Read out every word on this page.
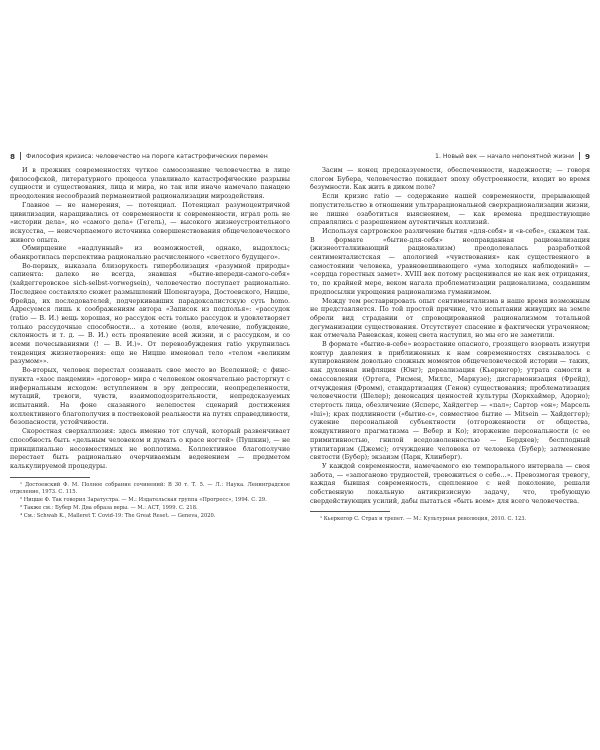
8 Философия кризиса: человечество на пороге катастрофических перемен

И в прежних современностях чуткое самосознание человечества в лице философской, литературного процесса улавливало катастрофические разрывы сущности и существования, лица и мира, но так или иначе намечало панацею преодоления несообразий перманентной рационализации мироздействия.

Главное — не намерения, — потенциал. Потенциал разумоцентричной цивилизации, наращивались от современности к современности, играл роль не «истории дела», но «самого дела» (Гегель), — высокого жизнеустроительного искусства, — неисчерпаемого источника совершенствования общечеловеческого живого опыта.

Обмирщение «надлунный» из возможностей, однако, выдохлось; обанкротилась перспектива рационально расчисленного «светлого будущего».

Во-первых, выказала близорукость гиперболизация «разумной природы» сапиента: далеко не всегда, знавшая «бытие-впереди-самого-себя» (хайдеггеровское sich-selbst-vorwegsein), человечество поступает рационально. Последнее составляло сюжет размышлений Шопенгауэра, Достоевского, Ницше, Фрейда, их последователей, подчеркивавших парадоксалистскую суть homo. Адресуемся лишь к соображениям автора «Записок из подполья»: «рассудок (ratio — В. И.) вещь хорошая, но рассудок есть только рассудок и удовлетворяет только рассудочные способности... а хотение (воля, влечение, побуждение, склонность и т. д. — В. И.) есть проявление всей жизни, и с рассудком, и со всеми почесываниями (! — В. И.)». От перевозбуждения ratio укрупнилась тенденция жизнетворения: еще не Ницше именовал тело «телом «великим разумом»».

Во-вторых, человек перестал сознавать свое место во Вселенной; с финс-пункта «хаос пандемии» «договор» мира с человеком окончательно расторгнут с инфернальным исходом: вступлением в эру депрессии, неопределенности, мутаций, тревоги, чувств, взаимоподозрительности, непредсказуемых испытаний. На фоне сказанного нелепостен сценарий достижения коллективного благополучия в поствековой реальности на путях справедливости, безопасности, устойчивости.

Скоростная сверхаллюзия: здесь именно тот случай, который развенчивает способность быть «дельным человеком и думать о красе ногтей» (Пушкин), — не принципиально несовместимых не воплотима. Коллективное благополучие перестает быть рационально очерчиваемым веденением — предметом калькулируемой процедуры.

¹ Достоевский Ф. М. Полное собрание сочинений: В 30 т. Т. 5. — Л.: Наука. Ленинградское отделение, 1973. С. 115.

² Ницше Ф. Так говорил Заратустра. — М.: Издательская группа «Прогресс», 1994. С. 29.

³ Также см.: Бубер М. Два образа веры. — М.: АСТ, 1999. С. 218.

⁴ См.: Schwab K., Malleret T. Covid-19: The Great Reset. — Geneva, 2020.

1. Новый век — начало непонятной жизни 9

Засим — конец предсказуемости, обеспеченности, надежности; — говоря слогом Бубера, человечество покидает эпоху обустроенности, входит во время безумности. Как жить в диком поле?

Если кризис ratio — содержание нашей современности, прерывающей попустительство в отношении ультрарациональной сверхрационализации жизни, не лишне озаботиться выяснением, — как времена предшествующие справлялись с разрешением аутентичных коллизий.

Используя сартровское различение бытия «для-себя» и «в-себе», скажем так. В формате «бытие-для-себя» неоправданная рационализация (жизнеотталкивающий рационализм) преодолевалась разработкой сентименталистская — апологией «чувствования» как существенного в самостоянии человека, уравновешивающего «ума холодных наблюдений» — «сердца горестных замет». XVIII век потому расценивался не как век отрицания, то, по крайней мере, веком нагала проблематизации рационализма, создавшим предпосылки укрощения рационализма гуманизмом.

Между тем реставрировать опыт сентиментализма в наше время возможным не представляется. По той простой причине, что испытании живущих на земле обрели вид страдании от спровоцированной рационализмом тотальной дегуманизации существования. Отсутствует спасение в фактически утраченном; как отмечала Раневская, конец света наступил, но мы его не заметили.

В формате «бытие-в-себе» возрастание опасного, грозящего взорвать изнутри контур давления в приближенных к нам современностях связывалось с купированием довольно сложных моментов общечеловеческой истории — таких, как духовная инфляция (Юнг); дереализация (Кьеркегор); утрата самости в омассовлении (Ортега, Рисмен, Миллс, Маркузе); дисгармонизация (Фрейд), отчуждения (Фромм), стандартизация (Генон) существования; проблематизация человечности (Шелер); денонсация ценностей культуры (Хоркхаймер, Адорно); стертость лица, обезличение (Ясперс, Хайдеггер — «пал»; Сартор «он»; Марсель «lui»); крах подлинности («бытие-с», совместное бытие — Mitsein — Хайдеггер); сужение персональной субъектности (отгороженности от общества, кондуктивного прагматизма — Вебер и Ко); вторжение персональности (с ее примитивностью, гнилой вседозволенностью — Бердяев); бесплодный утилитаризм (Джемс); отчуждение человека от человека (Бубер); затменение святости (Бубер); экзаизм (Парк, Клинберг).

У каждой современности, намечаемого ею темпорального интервала — своя забота, — «запоганово трудностей, тревожиться о себе…». Превозмогая тревогу, каждая бывшая современность, сцепленное с ней поколение, решали собственную локальную антикризисную задачу, что, требующую свердействующих усилий, дабы пытаться «быть всем» для всего человечества.

¹ Кьеркегор С. Страх и трепет. — М.: Культурная революция, 2010. С. 123.
